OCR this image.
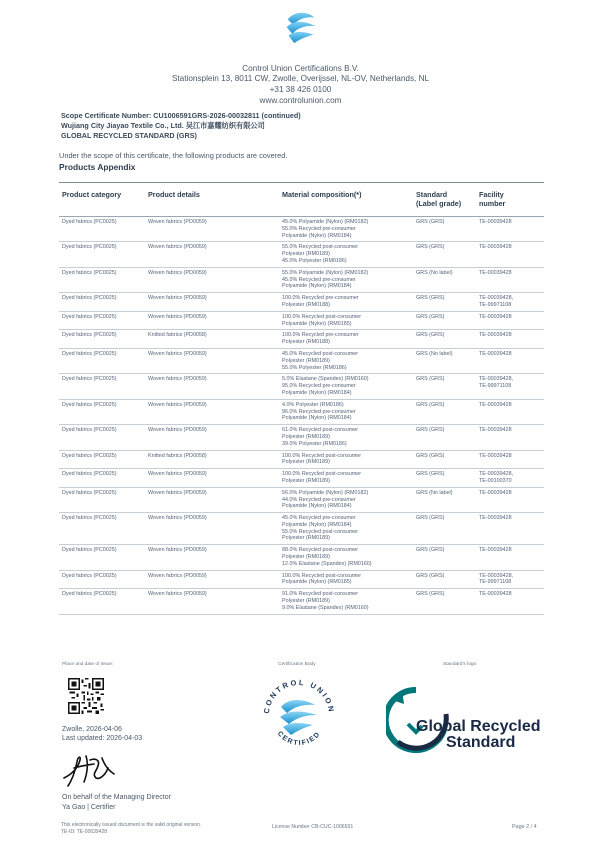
Control Union Certifications B.V.
Stationsplein 13, 8011 CW, Zwolle, Overijssel, NL-OV, Netherlands, NL
+31 38 426 0100
www.controlunion.com
Scope Certificate Number: CU1006591GRS-2026-00032811 (continued)
Wujiang City Jiayao Textile Co., Ltd. 吴江市嘉耀纺织有限公司
GLOBAL RECYCLED STANDARD (GRS)
Under the scope of this certificate, the following products are covered.
Products Appendix
Product category	Product details	Material composition(*)	Standard
(Label grade)	Facility
number
Dyed fabrics (PC0025)	Woven fabrics (PD0059)	45.0% Polyamide (Nylon) (RM0182)
55.0% Recycled pre-consumer
Polyamide (Nylon) (RM0184)	GRS (GRS)	TE-00039428

Dyed fabrics (PC0025)	Woven fabrics (PD0059)	55.0% Recycled post-consumer
Polyester (RM0189)
45.0% Polyester (RM0186)	GRS (GRS)	TE-00039428

Dyed fabrics (PC0025)	Woven fabrics (PD0059)	55.0% Polyamide (Nylon) (RM0182)
45.0% Recycled pre-consumer
Polyamide (Nylon) (RM0184)	GRS (No label)	TE-00039428

Dyed fabrics (PC0025)	Woven fabrics (PD0059)	100.0% Recycled pre-consumer
Polyester (RM0188)	GRS (GRS)	TE-00039428,
TE-99971108

Dyed fabrics (PC0025)	Woven fabrics (PD0059)	100.0% Recycled post-consumer
Polyamide (Nylon) (RM0185)	GRS (GRS)	TE-00039428

Dyed fabrics (PC0025)	Knitted fabrics (PD0058)	100.0% Recycled pre-consumer
Polyester (RM0188)	GRS (GRS)	TE-00039428

Dyed fabrics (PC0025)	Woven fabrics (PD0059)	45.0% Recycled post-consumer
Polyester (RM0189)
55.0% Polyester (RM0186)	GRS (No label)	TE-00039428

Dyed fabrics (PC0025)	Woven fabrics (PD0059)	5.0% Elastane (Spandex) (RM0160)
95.0% Recycled pre-consumer
Polyamide (Nylon) (RM0184)	GRS (GRS)	TE-00039428,
TE-99971108

Dyed fabrics (PC0025)	Woven fabrics (PD0059)	4.0% Polyester (RM0186)
96.0% Recycled pre-consumer
Polyamide (Nylon) (RM0184)	GRS (GRS)	TE-00039428

Dyed fabrics (PC0025)	Woven fabrics (PD0059)	61.0% Recycled post-consumer
Polyester (RM0189)
39.0% Polyester (RM0186)	GRS (GRS)	TE-00039428

Dyed fabrics (PC0025)	Knitted fabrics (PD0058)	100.0% Recycled post-consumer
Polyester (RM0189)	GRS (GRS)	TE-00039428

Dyed fabrics (PC0025)	Woven fabrics (PD0059)	100.0% Recycled post-consumer
Polyester (RM0189)	GRS (GRS)	TE-00039428,
TE-00100370

Dyed fabrics (PC0025)	Woven fabrics (PD0059)	56.0% Polyamide (Nylon) (RM0182)
44.0% Recycled pre-consumer
Polyamide (Nylon) (RM0184)	GRS (No label)	TE-00039428

Dyed fabrics (PC0025)	Woven fabrics (PD0059)	45.0% Recycled pre-consumer
Polyamide (Nylon) (RM0184)
55.0% Recycled post-consumer
Polyester (RM0189)	GRS (GRS)	TE-00039428

Dyed fabrics (PC0025)	Woven fabrics (PD0059)	88.0% Recycled post-consumer
Polyester (RM0189)
12.0% Elastane (Spandex) (RM0160)	GRS (GRS)	TE-00039428

Dyed fabrics (PC0025)	Woven fabrics (PD0059)	100.0% Recycled post-consumer
Polyamide (Nylon) (RM0185)	GRS (GRS)	TE-00039428,
TE-99971108

Dyed fabrics (PC0025)	Woven fabrics (PD0059)	91.0% Recycled post-consumer
Polyester (RM0189)
9.0% Elastane (Spandex) (RM0160)	GRS (GRS)	TE-00039428
Place and date of issue:	Certification Body	Standard's logo
Zwolle, 2026-04-06
Last updated: 2026-04-03
On behalf of the Managing Director
Ya Gao | Certifier
CONTROL UNION
CERTIFIED
Global Recycled
Standard
This electronically issued document is the valid original version.
TE-ID: TE-00039428
License Number CB-CUC-1006591	Page 2 / 4
